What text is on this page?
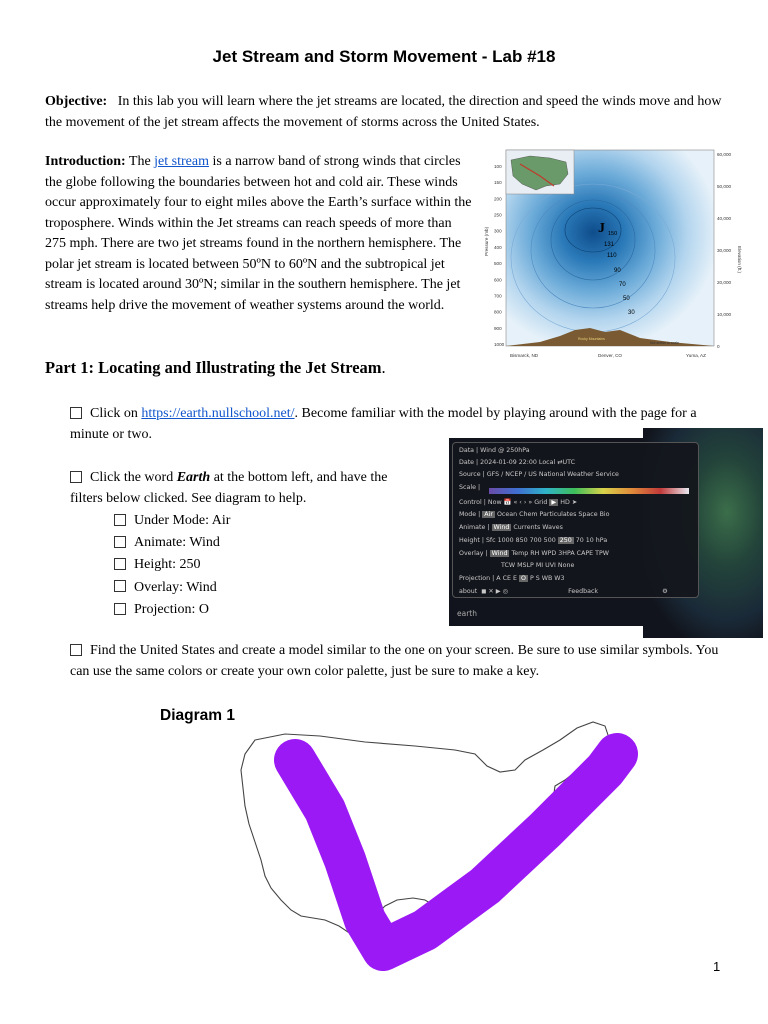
Jet Stream and Storm Movement - Lab #18
Objective: In this lab you will learn where the jet streams are located, the direction and speed the winds move and how the movement of the jet stream affects the movement of storms across the United States.
Introduction: The jet stream is a narrow band of strong winds that circles the globe following the boundaries between hot and cold air. These winds occur approximately four to eight miles above the Earth’s surface within the troposphere. Winds within the Jet streams can reach speeds of more than 275 mph. There are two jet streams found in the northern hemisphere. The polar jet stream is located between 50ºN to 60ºN and the subtropical jet stream is located around 30ºN; similar in the southern hemisphere. The jet streams help drive the movement of weather systems around the world.
J 150
131
110
90
70
50
30
Rocky Mountains
Not drawn to scale
100
150
200
250
300
400
500
600
700
800
900
1000
60,000
50,000
40,000
30,000
20,000
10,000
0
Pressure (mb)
Elevation (ft.)
Bismarck, ND	Denver, CO	Yuma, AZ
Part 1: Locating and Illustrating the Jet Stream.
Click on https://earth.nullschool.net/. Become familiar with the model by playing around with the page for a minute or two.
Click the word Earth at the bottom left, and have the filters below clicked. See diagram to help.
Under Mode: Air
Animate: Wind
Height: 250
Overlay: Wind
Projection: O
Data | Wind @ 250hPa
Date | 2024-01-09 22:00 Local ⇄UTC
Source | GFS / NCEP / US National Weather Service
Scale |
Control | Now 📅 « ‹ › » Grid ▶ HD ➤
Mode | Air Ocean Chem Particulates Space Bio
Animate | Wind Currents Waves
Height | Sfc 1000 850 700 500 250 70 10 hPa
Overlay | Wind Temp RH WPD 3HPA CAPE TPW
TCW MSLP MI UVI None
Projection | A CE E O P S WB W3
about ◼ ✕ ▶ ◎	Feedback	⚙
earth
Find the United States and create a model similar to the one on your screen. Be sure to use similar symbols. You can use the same colors or create your own color palette, just be sure to make a key.
Diagram 1
1
